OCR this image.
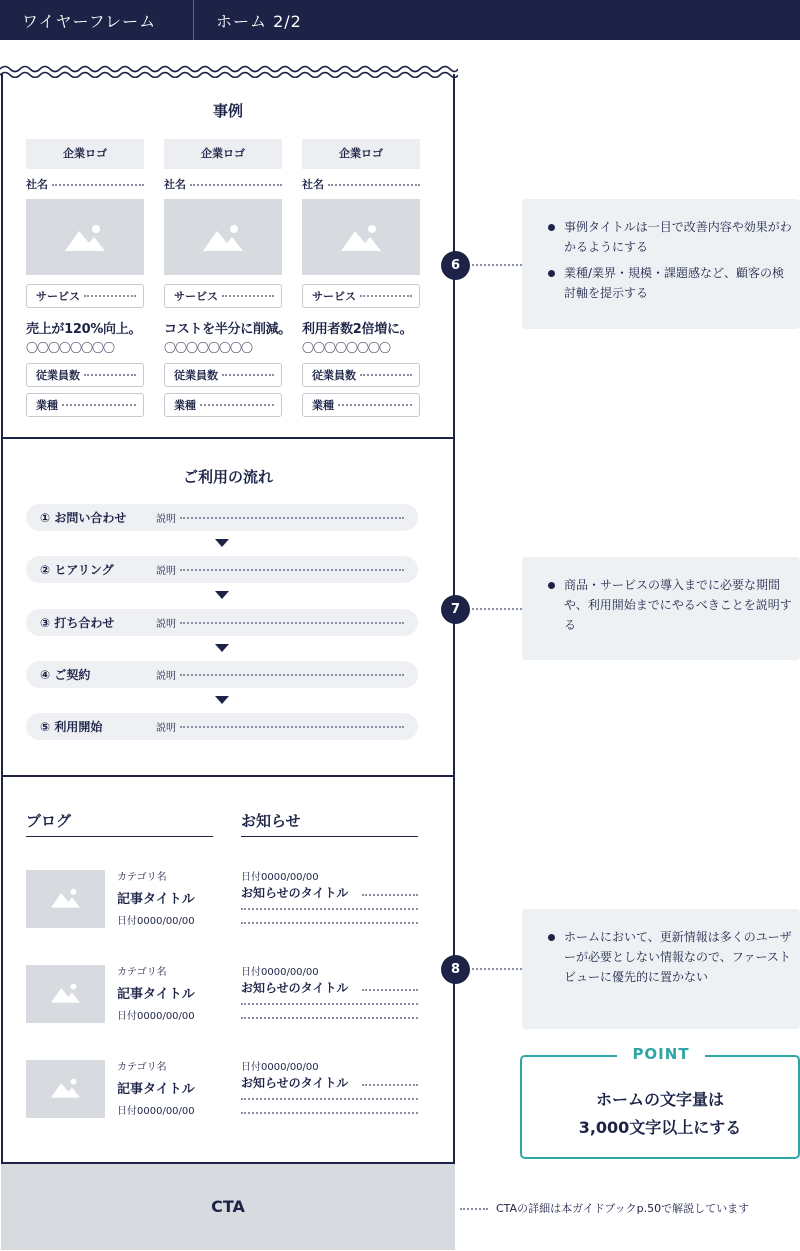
ワイヤーフレーム	ホーム 2/2
事例
企業ロゴ
社名
サービス
売上が120%向上。
〇〇〇〇〇〇〇〇
従業員数
業種
企業ロゴ
社名
サービス
コストを半分に削減。
〇〇〇〇〇〇〇〇
従業員数
業種
企業ロゴ
社名
サービス
利用者数2倍増に。
〇〇〇〇〇〇〇〇
従業員数
業種
ご利用の流れ
① お問い合わせ	説明
② ヒアリング	説明
③ 打ち合わせ	説明
④ ご契約	説明
⑤ 利用開始	説明
ブログ	お知らせ
カテゴリ名
記事タイトル
日付0000/00/00
日付0000/00/00
お知らせのタイトル
カテゴリ名
記事タイトル
日付0000/00/00
日付0000/00/00
お知らせのタイトル
カテゴリ名
記事タイトル
日付0000/00/00
日付0000/00/00
お知らせのタイトル
CTA	CTAの詳細は本ガイドブックp.50で解説しています
6
事例タイトルは一目で改善内容や効果がわかるようにする
業種/業界・規模・課題感など、顧客の検討軸を提示する
7
商品・サービスの導入までに必要な期間や、利用開始までにやるべきことを説明する
8
ホームにおいて、更新情報は多くのユーザーが必要としない情報なので、ファーストビューに優先的に置かない
POINT
ホームの文字量は
3,000文字以上にする
